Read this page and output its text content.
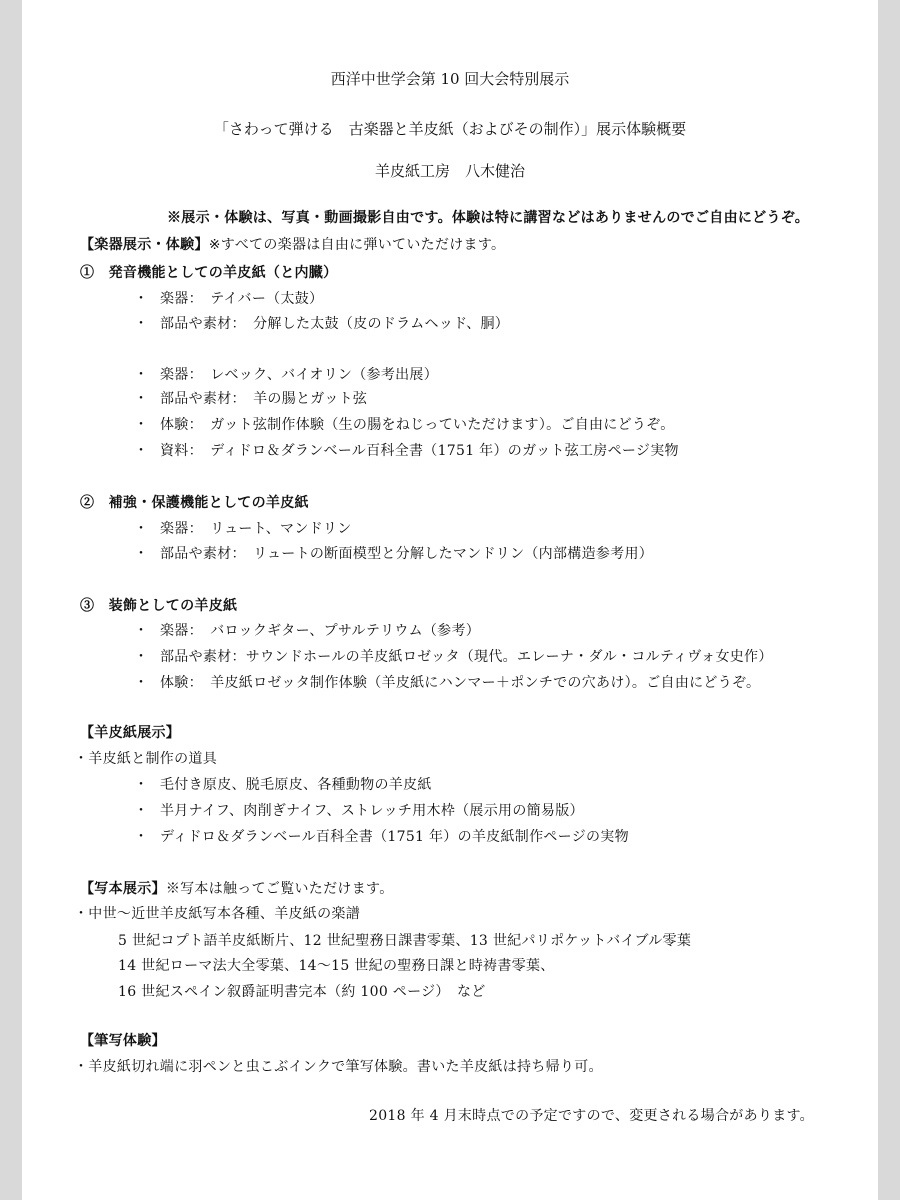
西洋中世学会第 10 回大会特別展示
「さわって弾ける　古楽器と羊皮紙（およびその制作）」展示体験概要
羊皮紙工房　八木健治
※展示・体験は、写真・動画撮影自由です。体験は特に講習などはありませんのでご自由にどうぞ。
【楽器展示・体験】※すべての楽器は自由に弾いていただけます。
①　発音機能としての羊皮紙（と内臓）
・ 楽器：　テイバー（太鼓）
・ 部品や素材：　分解した太鼓（皮のドラムヘッド、胴）
・ 楽器：　レベック、バイオリン（参考出展）
・ 部品や素材：　羊の腸とガット弦
・ 体験：　ガット弦制作体験（生の腸をねじっていただけます）。ご自由にどうぞ。
・ 資料：　ディドロ＆ダランベール百科全書（1751 年）のガット弦工房ページ実物
②　補強・保護機能としての羊皮紙
・ 楽器：　リュート、マンドリン
・ 部品や素材：　リュートの断面模型と分解したマンドリン（内部構造参考用）
③　装飾としての羊皮紙
・ 楽器：　バロックギター、プサルテリウム（参考）
・ 部品や素材：サウンドホールの羊皮紙ロゼッタ（現代。エレーナ・ダル・コルティヴォ女史作）
・ 体験：　羊皮紙ロゼッタ制作体験（羊皮紙にハンマー＋ポンチでの穴あけ）。ご自由にどうぞ。
【羊皮紙展示】
・羊皮紙と制作の道具
・ 毛付き原皮、脱毛原皮、各種動物の羊皮紙
・ 半月ナイフ、肉削ぎナイフ、ストレッチ用木枠（展示用の簡易版）
・ ディドロ＆ダランベール百科全書（1751 年）の羊皮紙制作ページの実物
【写本展示】※写本は触ってご覧いただけます。
・中世～近世羊皮紙写本各種、羊皮紙の楽譜
5 世紀コプト語羊皮紙断片、12 世紀聖務日課書零葉、13 世紀パリポケットバイブル零葉
14 世紀ローマ法大全零葉、14～15 世紀の聖務日課と時祷書零葉、
16 世紀スペイン叙爵証明書完本（約 100 ページ）　など
【筆写体験】
・羊皮紙切れ端に羽ペンと虫こぶインクで筆写体験。書いた羊皮紙は持ち帰り可。
2018 年 4 月末時点での予定ですので、変更される場合があります。
